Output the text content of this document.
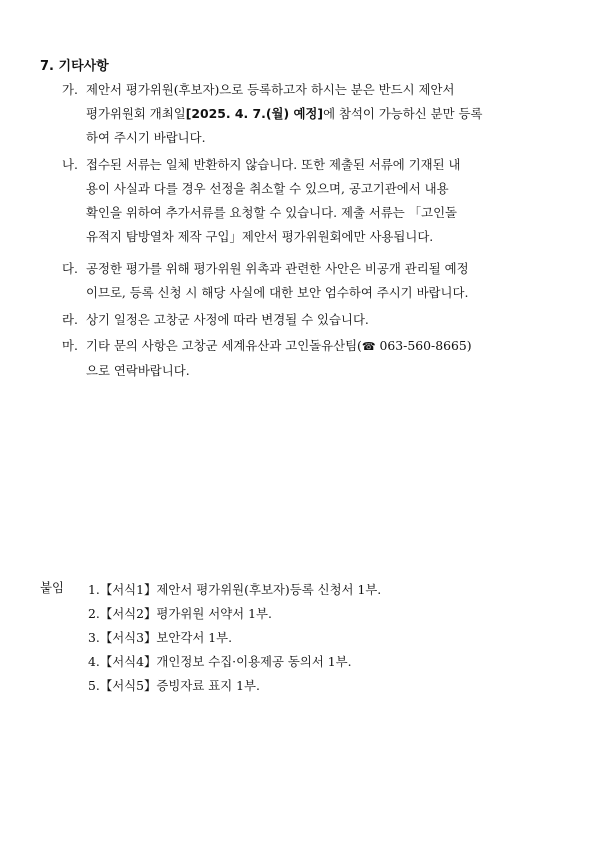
7. 기타사항
가. 제안서 평가위원(후보자)으로 등록하고자 하시는 분은 반드시 제안서
평가위원회 개최일[2025. 4. 7.(월) 예정]에 참석이 가능하신 분만 등록
하여 주시기 바랍니다.
나. 접수된 서류는 일체 반환하지 않습니다. 또한 제출된 서류에 기재된 내
용이 사실과 다를 경우 선정을 취소할 수 있으며, 공고기관에서 내용
확인을 위하여 추가서류를 요청할 수 있습니다. 제출 서류는 「고인돌
유적지 탐방열차 제작 구입」제안서 평가위원회에만 사용됩니다.
다. 공정한 평가를 위해 평가위원 위촉과 관련한 사안은 비공개 관리될 예정
이므로, 등록 신청 시 해당 사실에 대한 보안 엄수하여 주시기 바랍니다.
라. 상기 일정은 고창군 사정에 따라 변경될 수 있습니다.
마. 기타 문의 사항은 고창군 세계유산과 고인돌유산팀(☎ 063-560-8665)
으로 연락바랍니다.
붙임 1.【서식1】제안서 평가위원(후보자)등록 신청서 1부.
2.【서식2】평가위원 서약서 1부.
3.【서식3】보안각서 1부.
4.【서식4】개인정보 수집·이용제공 동의서 1부.
5.【서식5】증빙자료 표지 1부.
